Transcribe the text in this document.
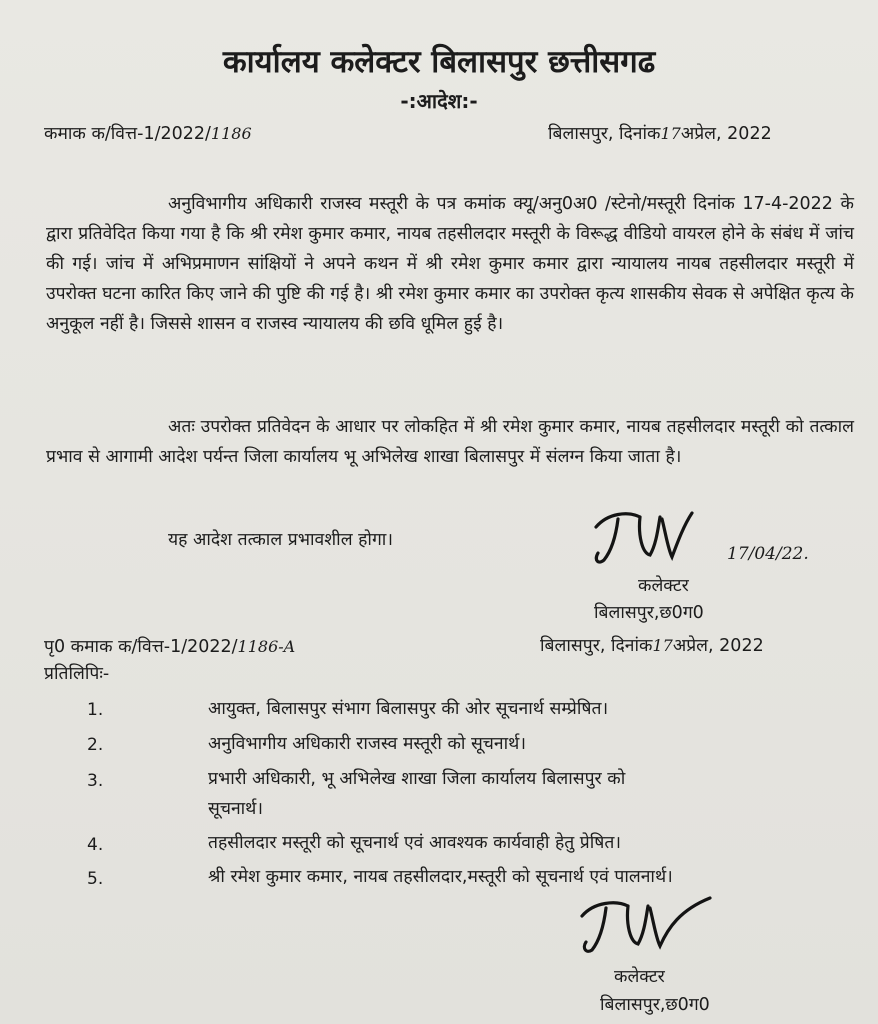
कार्यालय कलेक्टर बिलासपुर छत्तीसगढ
-:आदेश:-
कमाक क/वित्त-1/2022/1186	बिलासपुर, दिनांक17अप्रेल, 2022
अनुविभागीय अधिकारी राजस्व मस्तूरी के पत्र कमांक क्यू/अनु0अ0 /स्टेनो/मस्तूरी दिनांक 17-4-2022 के द्वारा प्रतिवेदित किया गया है कि श्री रमेश कुमार कमार, नायब तहसीलदार मस्तूरी के विरूद्ध वीडियो वायरल होने के संबंध में जांच की गई। जांच में अभिप्रमाणन सांक्षियों ने अपने कथन में श्री रमेश कुमार कमार द्वारा न्यायालय नायब तहसीलदार मस्तूरी में उपरोक्त घटना कारित किए जाने की पुष्टि की गई है। श्री रमेश कुमार कमार का उपरोक्त कृत्य शासकीय सेवक से अपेक्षित कृत्य के अनुकूल नहीं है। जिससे शासन व राजस्व न्यायालय की छवि धूमिल हुई है।
अतः उपरोक्त प्रतिवेदन के आधार पर लोकहित में श्री रमेश कुमार कमार, नायब तहसीलदार मस्तूरी को तत्काल प्रभाव से आगामी आदेश पर्यन्त जिला कार्यालय भू अभिलेख शाखा बिलासपुर में संलग्न किया जाता है।
यह आदेश तत्काल प्रभावशील होगा।
17/04/22.
कलेक्टर
बिलासपुर,छ0ग0
पृ0 कमाक क/वित्त-1/2022/1186-A	बिलासपुर, दिनांक17अप्रेल, 2022
प्रतिलिपिः-
1.	आयुक्त, बिलासपुर संभाग बिलासपुर की ओर सूचनार्थ सम्प्रेषित।
2.	अनुविभागीय अधिकारी राजस्व मस्तूरी को सूचनार्थ।
3.	प्रभारी अधिकारी, भू अभिलेख शाखा जिला कार्यालय बिलासपुर को
सूचनार्थ।
4.	तहसीलदार मस्तूरी को सूचनार्थ एवं आवश्यक कार्यवाही हेतु प्रेषित।
5.	श्री रमेश कुमार कमार, नायब तहसीलदार,मस्तूरी को सूचनार्थ एवं पालनार्थ।
कलेक्टर
बिलासपुर,छ0ग0
